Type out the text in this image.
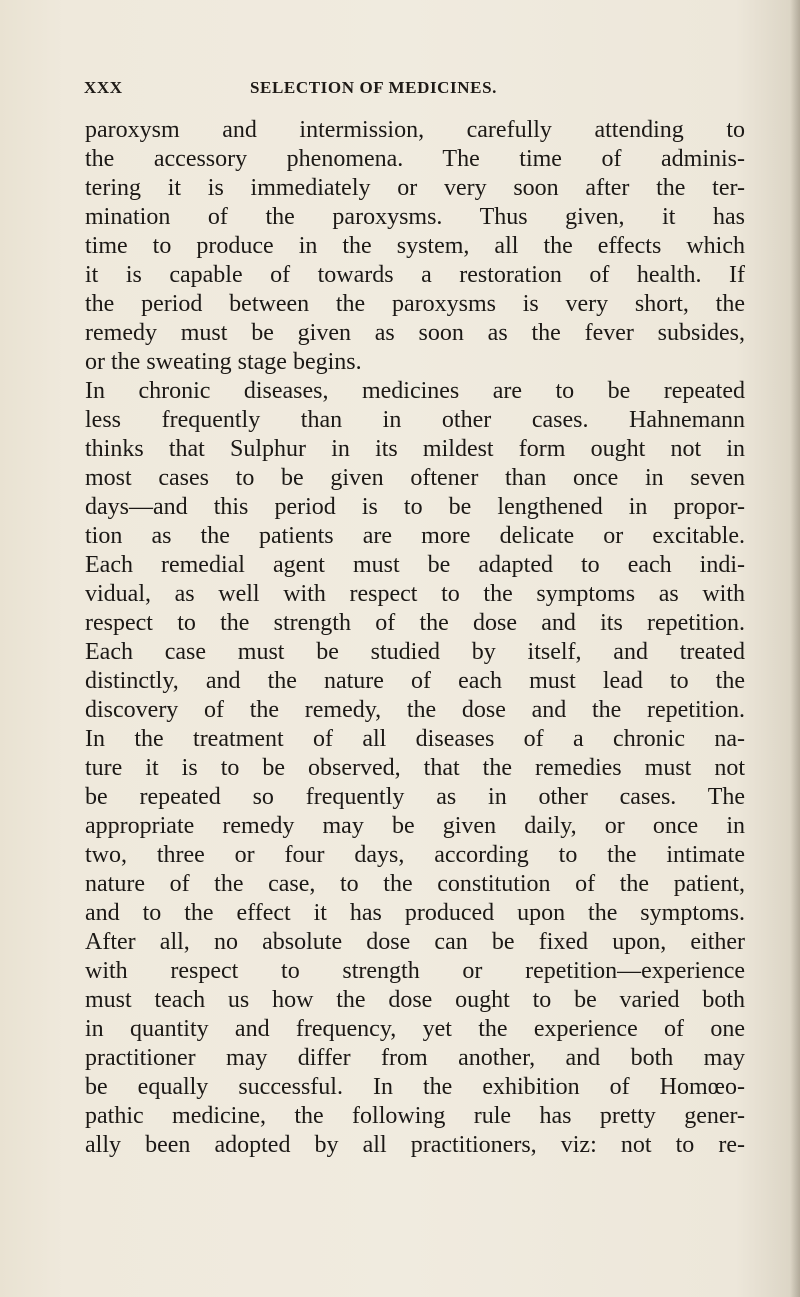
XXX	SELECTION OF MEDICINES.
paroxysm and intermission, carefully attending to
the accessory phenomena. The time of adminis-
tering it is immediately or very soon after the ter-
mination of the paroxysms. Thus given, it has
time to produce in the system, all the effects which
it is capable of towards a restoration of health. If
the period between the paroxysms is very short, the
remedy must be given as soon as the fever subsides,
or the sweating stage begins.
In chronic diseases, medicines are to be repeated
less frequently than in other cases. Hahnemann
thinks that Sulphur in its mildest form ought not in
most cases to be given oftener than once in seven
days—and this period is to be lengthened in propor-
tion as the patients are more delicate or excitable.
Each remedial agent must be adapted to each indi-
vidual, as well with respect to the symptoms as with
respect to the strength of the dose and its repetition.
Each case must be studied by itself, and treated
distinctly, and the nature of each must lead to the
discovery of the remedy, the dose and the repetition.
In the treatment of all diseases of a chronic na-
ture it is to be observed, that the remedies must not
be repeated so frequently as in other cases. The
appropriate remedy may be given daily, or once in
two, three or four days, according to the intimate
nature of the case, to the constitution of the patient,
and to the effect it has produced upon the symptoms.
After all, no absolute dose can be fixed upon, either
with respect to strength or repetition—experience
must teach us how the dose ought to be varied both
in quantity and frequency, yet the experience of one
practitioner may differ from another, and both may
be equally successful. In the exhibition of Homœo-
pathic medicine, the following rule has pretty gener-
ally been adopted by all practitioners, viz: not to re-
